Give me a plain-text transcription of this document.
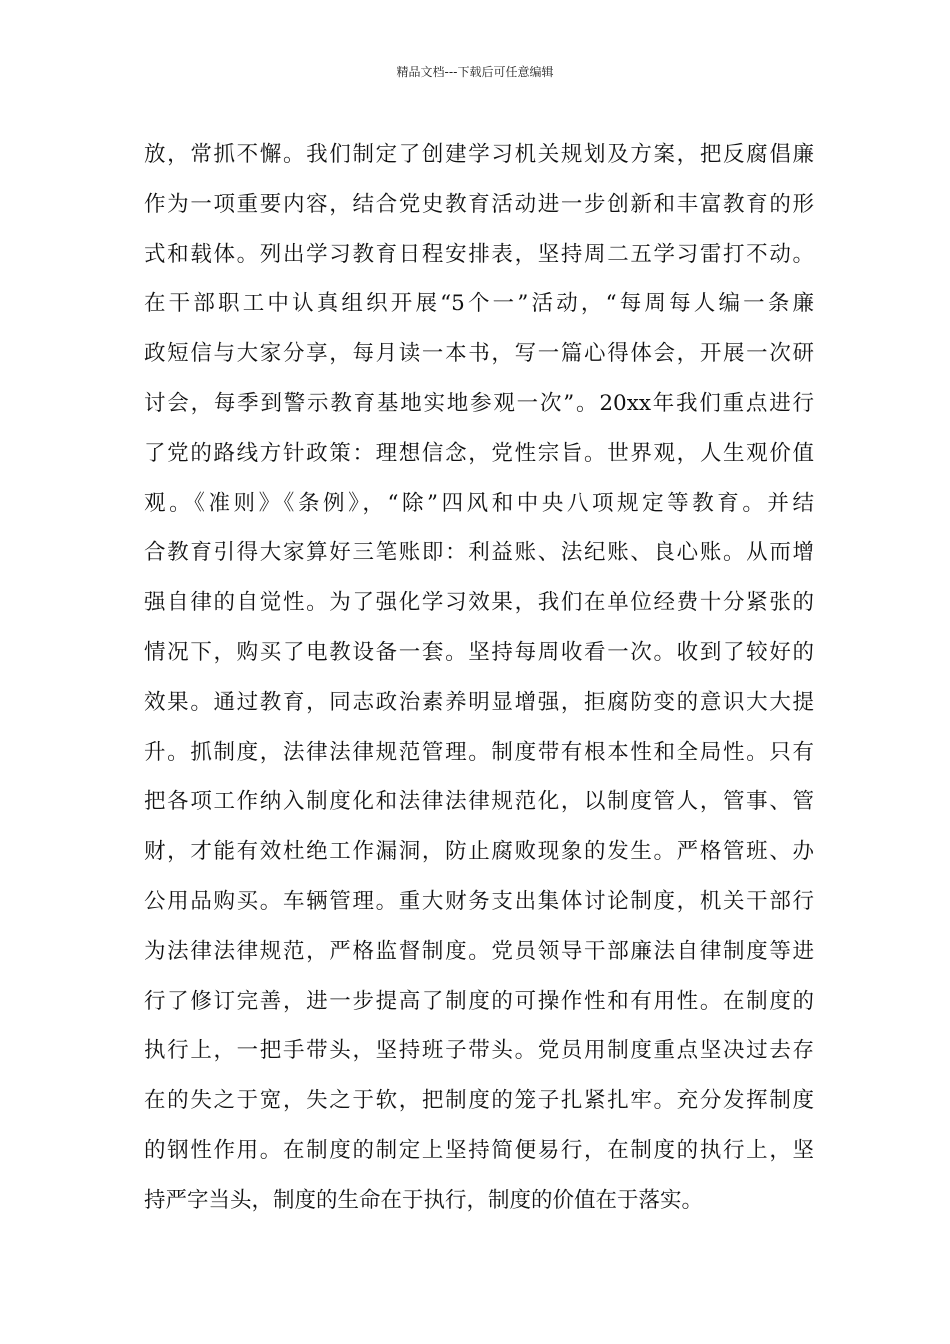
精品文档---下载后可任意编辑
放，常抓不懈。我们制定了创建学习机关规划及方案，把反腐倡廉
作为一项重要内容，结合党史教育活动进一步创新和丰富教育的形
式和载体。列出学习教育日程安排表，坚持周二五学习雷打不动。
在干部职工中认真组织开展“5个一”活动，“每周每人编一条廉
政短信与大家分享，每月读一本书，写一篇心得体会，开展一次研
讨会，每季到警示教育基地实地参观一次”。20xx年我们重点进行
了党的路线方针政策：理想信念，党性宗旨。世界观，人生观价值
观。《准则》《条例》，“除”四风和中央八项规定等教育。并结
合教育引得大家算好三笔账即：利益账、法纪账、良心账。从而增
强自律的自觉性。为了强化学习效果，我们在单位经费十分紧张的
情况下，购买了电教设备一套。坚持每周收看一次。收到了较好的
效果。通过教育，同志政治素养明显增强，拒腐防变的意识大大提
升。抓制度，法律法律规范管理。制度带有根本性和全局性。只有
把各项工作纳入制度化和法律法律规范化，以制度管人，管事、管
财，才能有效杜绝工作漏洞，防止腐败现象的发生。严格管班、办
公用品购买。车辆管理。重大财务支出集体讨论制度，机关干部行
为法律法律规范，严格监督制度。党员领导干部廉法自律制度等进
行了修订完善，进一步提高了制度的可操作性和有用性。在制度的
执行上，一把手带头，坚持班子带头。党员用制度重点坚决过去存
在的失之于宽，失之于软，把制度的笼子扎紧扎牢。充分发挥制度
的钢性作用。在制度的制定上坚持简便易行，在制度的执行上，坚
持严字当头，制度的生命在于执行，制度的价值在于落实。
